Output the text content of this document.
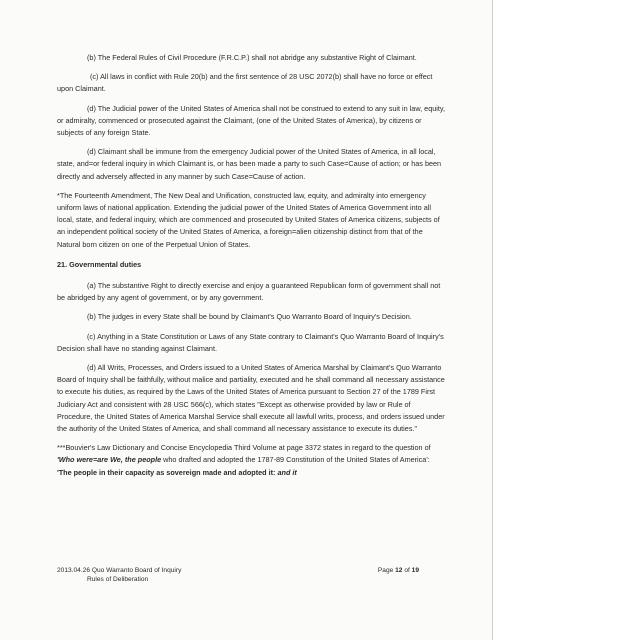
(b) The Federal Rules of Civil Procedure (F.R.C.P.) shall not abridge any substantive Right of Claimant.

(c) All laws in conflict with Rule 20(b) and the first sentence of 28 USC 2072(b) shall have no force or effect upon Claimant.

(d) The Judicial power of the United States of America shall not be construed to extend to any suit in law, equity, or admiralty, commenced or prosecuted against the Claimant, (one of the United States of America), by citizens or subjects of any foreign State.

(d) Claimant shall be immune from the emergency Judicial power of the United States of America, in all local, state, and=or federal inquiry in which Claimant is, or has been made a party to such Case=Cause of action; or has been directly and adversely affected in any manner by such Case=Cause of action.

*The Fourteenth Amendment, The New Deal and Unification, constructed law, equity, and admiralty into emergency uniform laws of national application. Extending the judicial power of the United States of America Government into all local, state, and federal inquiry, which are commenced and prosecuted by United States of America citizens, subjects of an independent political society of the United States of America, a foreign=alien citizenship distinct from that of the Natural born citizen on one of the Perpetual Union of States.

21. Governmental duties

(a) The substantive Right to directly exercise and enjoy a guaranteed Republican form of government shall not be abridged by any agent of government, or by any government.

(b) The judges in every State shall be bound by Claimant's Quo Warranto Board of Inquiry's Decision.

(c) Anything in a State Constitution or Laws of any State contrary to Claimant's Quo Warranto Board of Inquiry's Decision shall have no standing against Claimant.

(d) All Writs, Processes, and Orders issued to a United States of America Marshal by Claimant's Quo Warranto Board of Inquiry shall be faithfully, without malice and partiality, executed and he shall command all necessary assistance to execute his duties, as required by the Laws of the United States of America pursuant to Section 27 of the 1789 First Judiciary Act and consistent with 28 USC 566(c), which states "Except as otherwise provided by law or Rule of Procedure, the United States of America Marshal Service shall execute all lawfull writs, process, and orders issued under the authority of the United States of America, and shall command all necessary assistance to execute its duties."

***Bouvier's Law Dictionary and Concise Encyclopedia Third Volume at page 3372 states in regard to the question of 'Who were=are We, the people who drafted and adopted the 1787-89 Constitution of the United States of America': 'The people in their capacity as sovereign made and adopted it: and it

2013.04.26 Quo Warranto Board of Inquiry
Rules of Deliberation
Page 12 of 19
